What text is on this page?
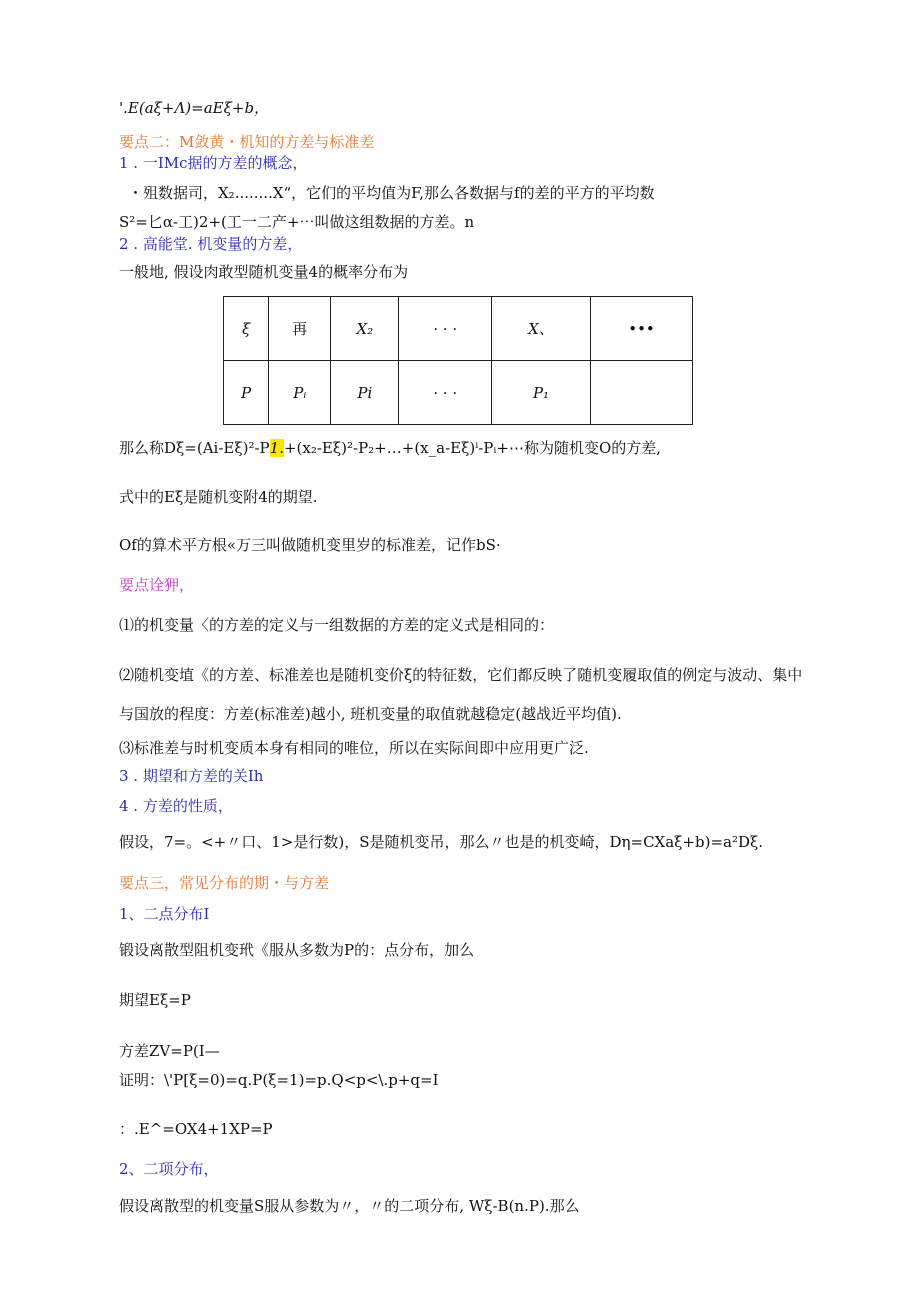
'.E(aξ+Λ)=aEξ+b，
要点二：M敛黄・机知的方差与标准差
1 . 一IMc据的方差的概念，
・殂数据司，X₂........X“，它们的平均值为F,那么各数据与f的差的平方的平均数
S²=匕α-工)2+(工一二产+⋯叫做这组数据的方差。n
2 . 高能堂. 机变量的方差，
一般地, 假设肉敢型随机变量4的概率分布为
ξ	再	X₂	· · ·	X、	•••
P	Pᵢ	Pi	· · ·	P₁	
那么称Dξ=(Ai-Eξ)²-P1.+(x₂-Eξ)²-P₂+…+(x_a-Eξ)ⁱ-Pᵢ+⋯称为随机变O的方差,
式中的Eξ是随机变附4的期望.
Of的算术平方根«万三叫做随机变里岁的标准差，记作bS·
要点诠狎，
⑴的机变量〈的方差的定义与一组数据的方差的定义式是相同的：
⑵随机变埴《的方差、标准差也是随机变价ξ的特征数，它们都反映了随机变履取值的例定与波动、集中
与国放的程度：方差(标准差)越小, 班机变量的取值就越稳定(越战近平均值).
⑶标准差与时机变质本身有相同的唯位，所以在实际间即中应用更广泛.
3 . 期望和方差的关Ih
4 . 方差的性质，
假设，7=。<+〃口、1>是行数)，S是随机变吊，那么〃也是的机变崎，Dη=CXaξ+b)=a²Dξ.
要点三，常见分布的期・与方差
1、二点分布I
锻设离散型阻机变玳《服从多数为P的：点分布，加么
期望Eξ=P
方差ZV=P(I—
证明：\'P[ξ=0)=q.P(ξ=1)=p.Q<p<\.p+q=I
：.E^=OX4+1XP=P
2、二项分布，
假设离散型的机变量S服从参数为〃，〃的二项分布, Wξ-B(n.P).那么
